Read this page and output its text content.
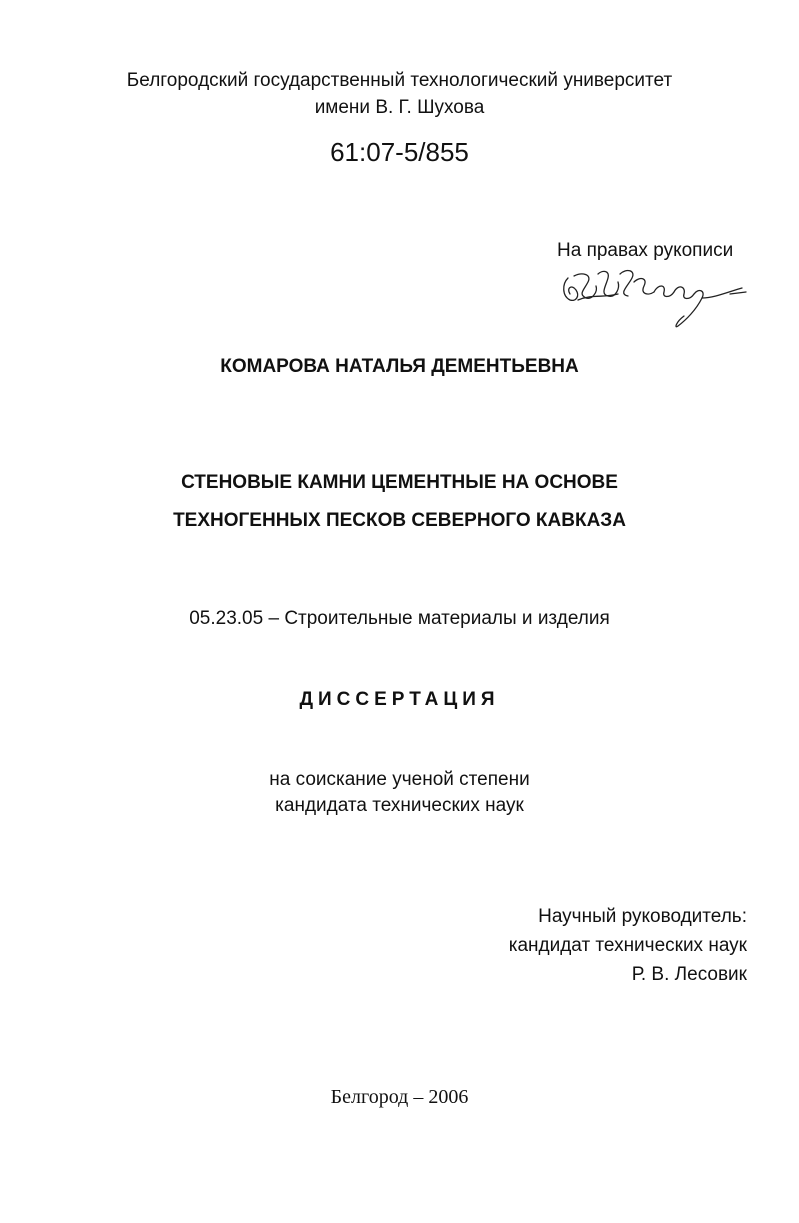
Белгородский государственный технологический университет
имени В. Г. Шухова
61:07-5/855
На правах рукописи
КОМАРОВА НАТАЛЬЯ ДЕМЕНТЬЕВНА
СТЕНОВЫЕ КАМНИ ЦЕМЕНТНЫЕ НА ОСНОВЕ
ТЕХНОГЕННЫХ ПЕСКОВ СЕВЕРНОГО КАВКАЗА
05.23.05 – Строительные материалы и изделия
ДИССЕРТАЦИЯ
на соискание ученой степени
кандидата технических наук
Научный руководитель:
кандидат технических наук
Р. В. Лесовик
Белгород – 2006
